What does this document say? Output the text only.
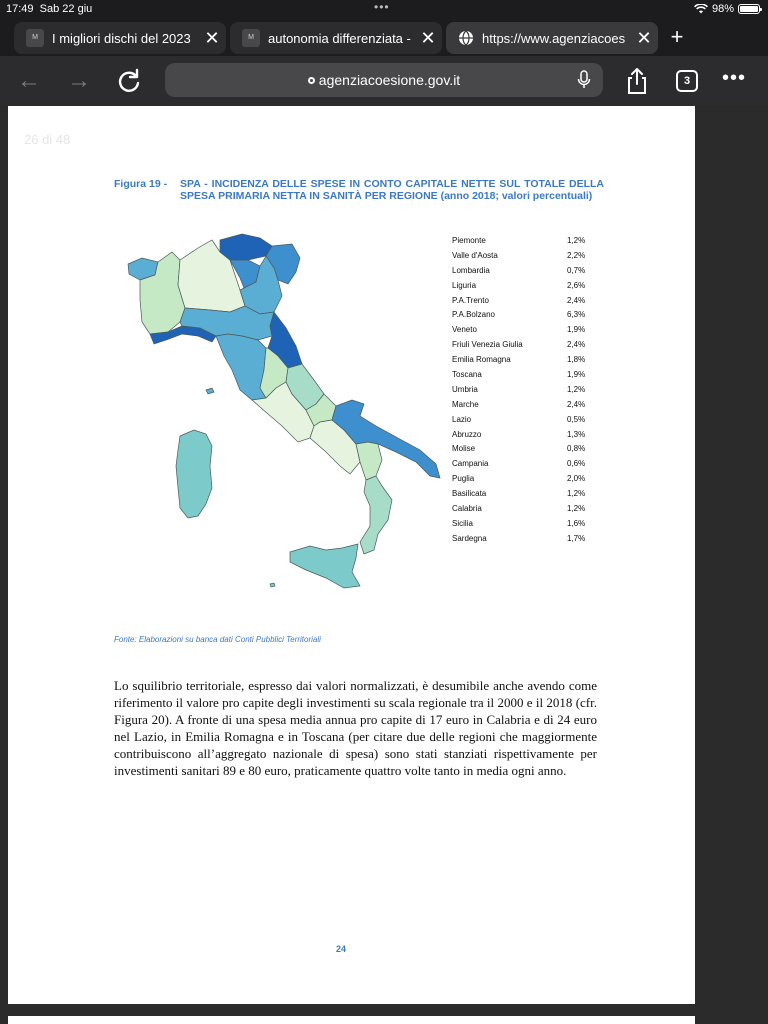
17:49 Sab 22 giu	•••	98%
M	I migliori dischi del 2023 ✕	M	autonomia differenziata - ✕	https://www.agenziacoes ✕ +
← →	agenziacoesione.gov.it	3	•••
26 di 48
Figura 19 - SPA - INCIDENZA DELLE SPESE IN CONTO CAPITALE NETTE SUL TOTALE DELLA SPESA PRIMARIA NETTA IN SANITÀ PER REGIONE (anno 2018; valori percentuali)
Piemonte	1,2%
Valle d'Aosta	2,2%
Lombardia	0,7%
Liguria	2,6%
P.A.Trento	2,4%
P.A.Bolzano	6,3%
Veneto	1,9%
Friuli Venezia Giulia	2,4%
Emilia Romagna	1,8%
Toscana	1,9%
Umbria	1,2%
Marche	2,4%
Lazio	0,5%
Abruzzo	1,3%
Molise	0,8%
Campania	0,6%
Puglia	2,0%
Basilicata	1,2%
Calabria	1,2%
Sicilia	1,6%
Sardegna	1,7%
Fonte: Elaborazioni su banca dati Conti Pubblici Territoriali

Lo squilibrio territoriale, espresso dai valori normalizzati, è desumibile anche avendo come riferimento il valore pro capite degli investimenti su scala regionale tra il 2000 e il 2018 (cfr. Figura 20). A fronte di una spesa media annua pro capite di 17 euro in Calabria e di 24 euro nel Lazio, in Emilia Romagna e in Toscana (per citare due delle regioni che maggiormente contribuiscono all’aggregato nazionale di spesa) sono stati stanziati rispettivamente per investimenti sanitari 89 e 80 euro, praticamente quattro volte tanto in media ogni anno.

24
